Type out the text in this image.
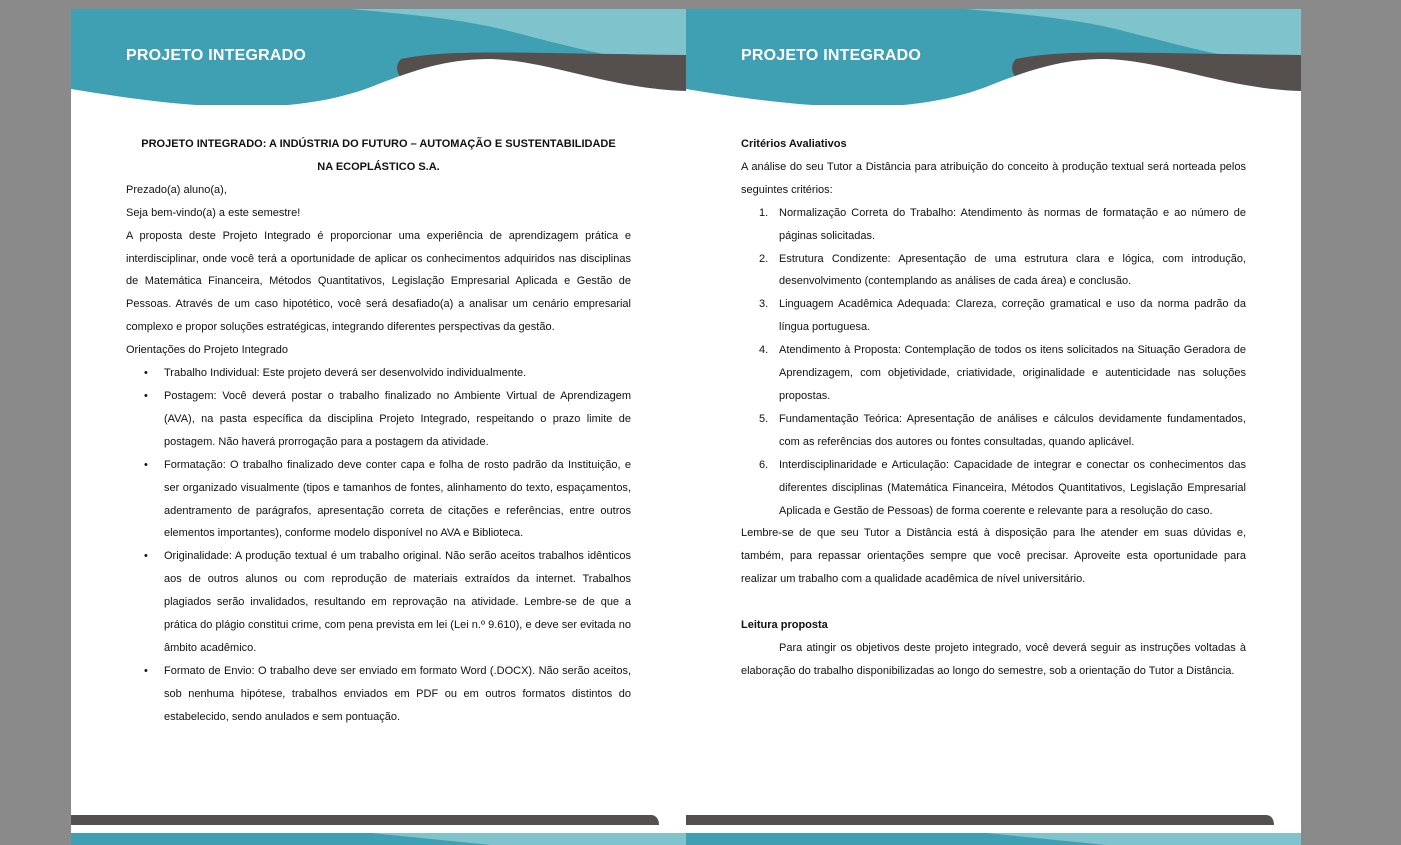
PROJETO INTEGRADO

PROJETO INTEGRADO: A INDÚSTRIA DO FUTURO – AUTOMAÇÃO E SUSTENTABILIDADE NA ECOPLÁSTICO S.A.

Prezado(a) aluno(a),

Seja bem-vindo(a) a este semestre!

A proposta deste Projeto Integrado é proporcionar uma experiência de aprendizagem prática e interdisciplinar, onde você terá a oportunidade de aplicar os conhecimentos adquiridos nas disciplinas de Matemática Financeira, Métodos Quantitativos, Legislação Empresarial Aplicada e Gestão de Pessoas. Através de um caso hipotético, você será desafiado(a) a analisar um cenário empresarial complexo e propor soluções estratégicas, integrando diferentes perspectivas da gestão.

Orientações do Projeto Integrado

• Trabalho Individual: Este projeto deverá ser desenvolvido individualmente.
• Postagem: Você deverá postar o trabalho finalizado no Ambiente Virtual de Aprendizagem (AVA), na pasta específica da disciplina Projeto Integrado, respeitando o prazo limite de postagem. Não haverá prorrogação para a postagem da atividade.
• Formatação: O trabalho finalizado deve conter capa e folha de rosto padrão da Instituição, e ser organizado visualmente (tipos e tamanhos de fontes, alinhamento do texto, espaçamentos, adentramento de parágrafos, apresentação correta de citações e referências, entre outros elementos importantes), conforme modelo disponível no AVA e Biblioteca.
• Originalidade: A produção textual é um trabalho original. Não serão aceitos trabalhos idênticos aos de outros alunos ou com reprodução de materiais extraídos da internet. Trabalhos plagiados serão invalidados, resultando em reprovação na atividade. Lembre-se de que a prática do plágio constitui crime, com pena prevista em lei (Lei n.º 9.610), e deve ser evitada no âmbito acadêmico.
• Formato de Envio: O trabalho deve ser enviado em formato Word (.DOCX). Não serão aceitos, sob nenhuma hipótese, trabalhos enviados em PDF ou em outros formatos distintos do estabelecido, sendo anulados e sem pontuação.
PROJETO INTEGRADO

Critérios Avaliativos

A análise do seu Tutor a Distância para atribuição do conceito à produção textual será norteada pelos seguintes critérios:

1. Normalização Correta do Trabalho: Atendimento às normas de formatação e ao número de páginas solicitadas.
2. Estrutura Condizente: Apresentação de uma estrutura clara e lógica, com introdução, desenvolvimento (contemplando as análises de cada área) e conclusão.
3. Linguagem Acadêmica Adequada: Clareza, correção gramatical e uso da norma padrão da língua portuguesa.
4. Atendimento à Proposta: Contemplação de todos os itens solicitados na Situação Geradora de Aprendizagem, com objetividade, criatividade, originalidade e autenticidade nas soluções propostas.
5. Fundamentação Teórica: Apresentação de análises e cálculos devidamente fundamentados, com as referências dos autores ou fontes consultadas, quando aplicável.
6. Interdisciplinaridade e Articulação: Capacidade de integrar e conectar os conhecimentos das diferentes disciplinas (Matemática Financeira, Métodos Quantitativos, Legislação Empresarial Aplicada e Gestão de Pessoas) de forma coerente e relevante para a resolução do caso.

Lembre-se de que seu Tutor a Distância está à disposição para lhe atender em suas dúvidas e, também, para repassar orientações sempre que você precisar. Aproveite esta oportunidade para realizar um trabalho com a qualidade acadêmica de nível universitário.

Leitura proposta

Para atingir os objetivos deste projeto integrado, você deverá seguir as instruções voltadas à elaboração do trabalho disponibilizadas ao longo do semestre, sob a orientação do Tutor a Distância.
